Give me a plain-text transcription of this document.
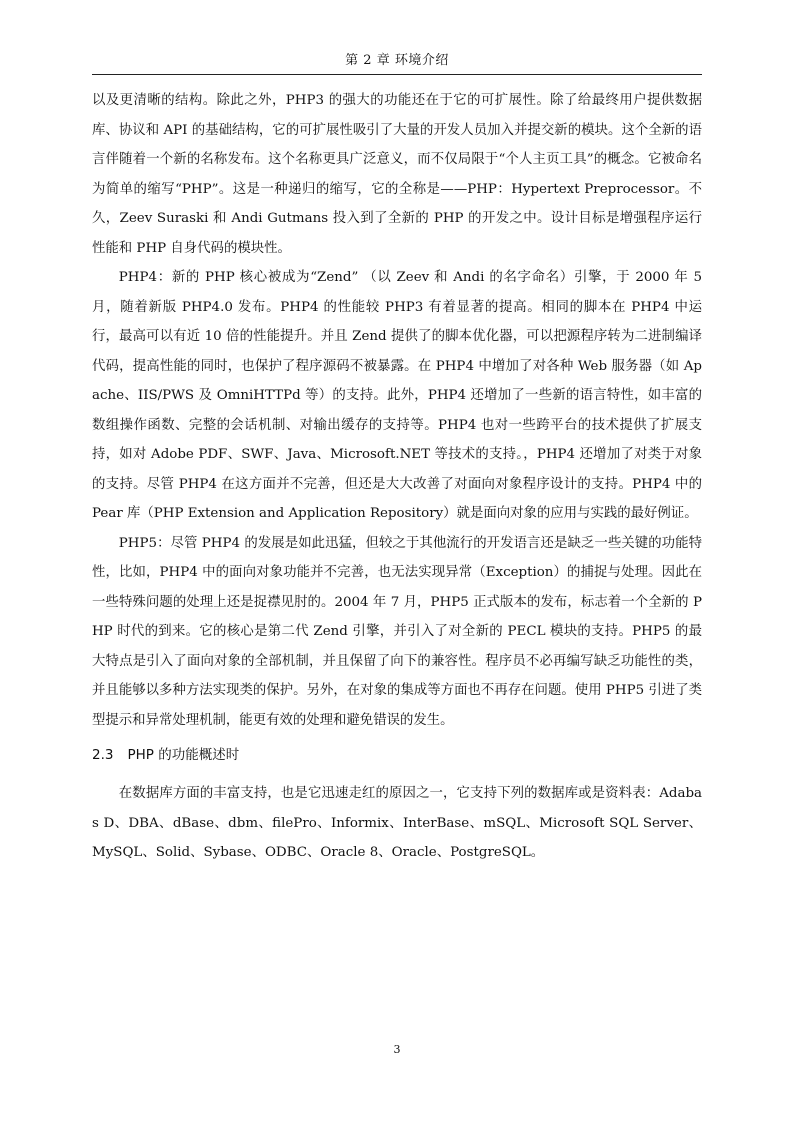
第 2 章 环境介绍

以及更清晰的结构。除此之外，PHP3 的强大的功能还在于它的可扩展性。除了给最终用户提供数据库、协议和 API 的基础结构，它的可扩展性吸引了大量的开发人员加入并提交新的模块。这个全新的语言伴随着一个新的名称发布。这个名称更具广泛意义，而不仅局限于“个人主页工具”的概念。它被命名为简单的缩写“PHP”。这是一种递归的缩写，它的全称是——PHP：Hypertext Preprocessor。不久，Zeev Suraski 和 Andi Gutmans 投入到了全新的 PHP 的开发之中。设计目标是增强程序运行性能和 PHP 自身代码的模块性。

PHP4：新的 PHP 核心被成为“Zend” （以 Zeev 和 Andi 的名字命名）引擎，于 2000 年 5 月，随着新版 PHP4.0 发布。PHP4 的性能较 PHP3 有着显著的提高。相同的脚本在 PHP4 中运行，最高可以有近 10 倍的性能提升。并且 Zend 提供了的脚本优化器，可以把源程序转为二进制编译代码，提高性能的同时，也保护了程序源码不被暴露。在 PHP4 中增加了对各种 Web 服务器（如 Apache、IIS/PWS 及 OmniHTTPd 等）的支持。此外，PHP4 还增加了一些新的语言特性，如丰富的数组操作函数、完整的会话机制、对输出缓存的支持等。PHP4 也对一些跨平台的技术提供了扩展支持，如对 Adobe PDF、SWF、Java、Microsoft.NET 等技术的支持。，PHP4 还增加了对类于对象的支持。尽管 PHP4 在这方面并不完善，但还是大大改善了对面向对象程序设计的支持。PHP4 中的 Pear 库（PHP Extension and Application Repository）就是面向对象的应用与实践的最好例证。

PHP5：尽管 PHP4 的发展是如此迅猛，但较之于其他流行的开发语言还是缺乏一些关键的功能特性，比如，PHP4 中的面向对象功能并不完善，也无法实现异常（Exception）的捕捉与处理。因此在一些特殊问题的处理上还是捉襟见肘的。2004 年 7 月，PHP5 正式版本的发布，标志着一个全新的 PHP 时代的到来。它的核心是第二代 Zend 引擎，并引入了对全新的 PECL 模块的支持。PHP5 的最大特点是引入了面向对象的全部机制，并且保留了向下的兼容性。程序员不必再编写缺乏功能性的类，并且能够以多种方法实现类的保护。另外，在对象的集成等方面也不再存在问题。使用 PHP5 引进了类型提示和异常处理机制，能更有效的处理和避免错误的发生。

2.3 PHP 的功能概述时

在数据库方面的丰富支持，也是它迅速走红的原因之一，它支持下列的数据库或是资料表：Adabas D、DBA、dBase、dbm、filePro、Informix、InterBase、mSQL、Microsoft SQL Server、MySQL、Solid、Sybase、ODBC、Oracle 8、Oracle、PostgreSQL。

3
